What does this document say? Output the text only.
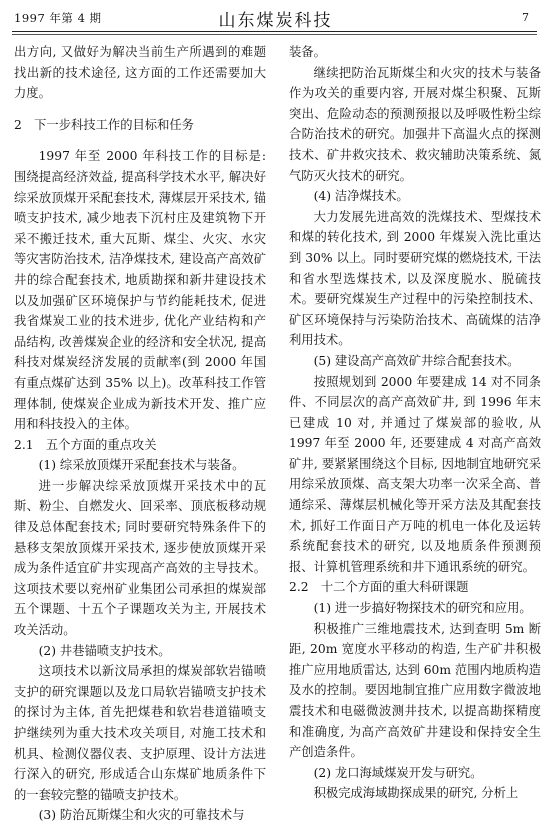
1997 年第 4 期	山东煤炭科技	7

出方向, 又做好为解决当前生产所遇到的难题找出新的技术途径, 这方面的工作还需要加大力度。

2　下一步科技工作的目标和任务

1997 年至 2000 年科技工作的目标是: 围绕提高经济效益, 提高科学技术水平, 解决好综采放顶煤开采配套技术, 薄煤层开采技术, 锚喷支护技术, 减少地表下沉村庄及建筑物下开采不搬迁技术, 重大瓦斯、煤尘、火灾、水灾等灾害防治技术, 洁净煤技术, 建设高产高效矿井的综合配套技术, 地质勘探和新井建设技术以及加强矿区环境保护与节约能耗技术, 促进我省煤炭工业的技术进步, 优化产业结构和产品结构, 改善煤炭企业的经济和安全状况, 提高科技对煤炭经济发展的贡献率(到 2000 年国有重点煤矿达到 35% 以上)。改革科技工作管理体制, 使煤炭企业成为新技术开发、推广应用和科技投入的主体。

2.1　五个方面的重点攻关

(1) 综采放顶煤开采配套技术与装备。

进一步解决综采放顶煤开采技术中的瓦斯、粉尘、自燃发火、回采率、顶底板移动规律及总体配套技术; 同时要研究特殊条件下的悬移支架放顶煤开采技术, 逐步使放顶煤开采成为条件适宜矿井实现高产高效的主导技术。这项技术要以兖州矿业集团公司承担的煤炭部五个课题、十五个子课题攻关为主, 开展技术攻关活动。

(2) 井巷锚喷支护技术。

这项技术以新汶局承担的煤炭部软岩锚喷支护的研究课题以及龙口局软岩锚喷支护技术的探讨为主体, 首先把煤巷和软岩巷道锚喷支护继续列为重大技术攻关项目, 对施工技术和机具、检测仪器仪表、支护原理、设计方法进行深入的研究, 形成适合山东煤矿地质条件下的一套较完整的锚喷支护技术。

(3) 防治瓦斯煤尘和火灾的可靠技术与

装备。

继续把防治瓦斯煤尘和火灾的技术与装备作为攻关的重要内容, 开展对煤尘积聚、瓦斯突出、危险动态的预测预报以及呼吸性粉尘综合防治技术的研究。加强井下高温火点的探测技术、矿井救灾技术、救灾辅助决策系统、氮气防灭火技术的研究。

(4) 洁净煤技术。

大力发展先进高效的洗煤技术、型煤技术和煤的转化技术, 到 2000 年煤炭入洗比重达到 30% 以上。同时要研究煤的燃烧技术, 干法和省水型选煤技术, 以及深度脱水、脱硫技术。要研究煤炭生产过程中的污染控制技术、矿区环境保持与污染防治技术、高硫煤的洁净利用技术。

(5) 建设高产高效矿井综合配套技术。

按照规划到 2000 年要建成 14 对不同条件、不同层次的高产高效矿井, 到 1996 年末已建成 10 对, 并通过了煤炭部的验收, 从 1997 年至 2000 年, 还要建成 4 对高产高效矿井, 要紧紧围绕这个目标, 因地制宜地研究采用综采放顶煤、高支架大功率一次采全高、普通综采、薄煤层机械化等开采方法及其配套技术, 抓好工作面日产万吨的机电一体化及运转系统配套技术的研究, 以及地质条件预测预报、计算机管理系统和井下通讯系统的研究。

2.2　十二个方面的重大科研课题

(1) 进一步搞好物探技术的研究和应用。

积极推广三维地震技术, 达到查明 5m 断距, 20m 宽度水平移动的构造, 生产矿井积极推广应用地质雷达, 达到 60m 范围内地质构造及水的控制。要因地制宜推广应用数字微波地震技术和电磁微波测井技术, 以提高勘探精度和准确度, 为高产高效矿井建设和保持安全生产创造条件。

(2) 龙口海域煤炭开发与研究。

积极完成海域勘探成果的研究, 分析上
